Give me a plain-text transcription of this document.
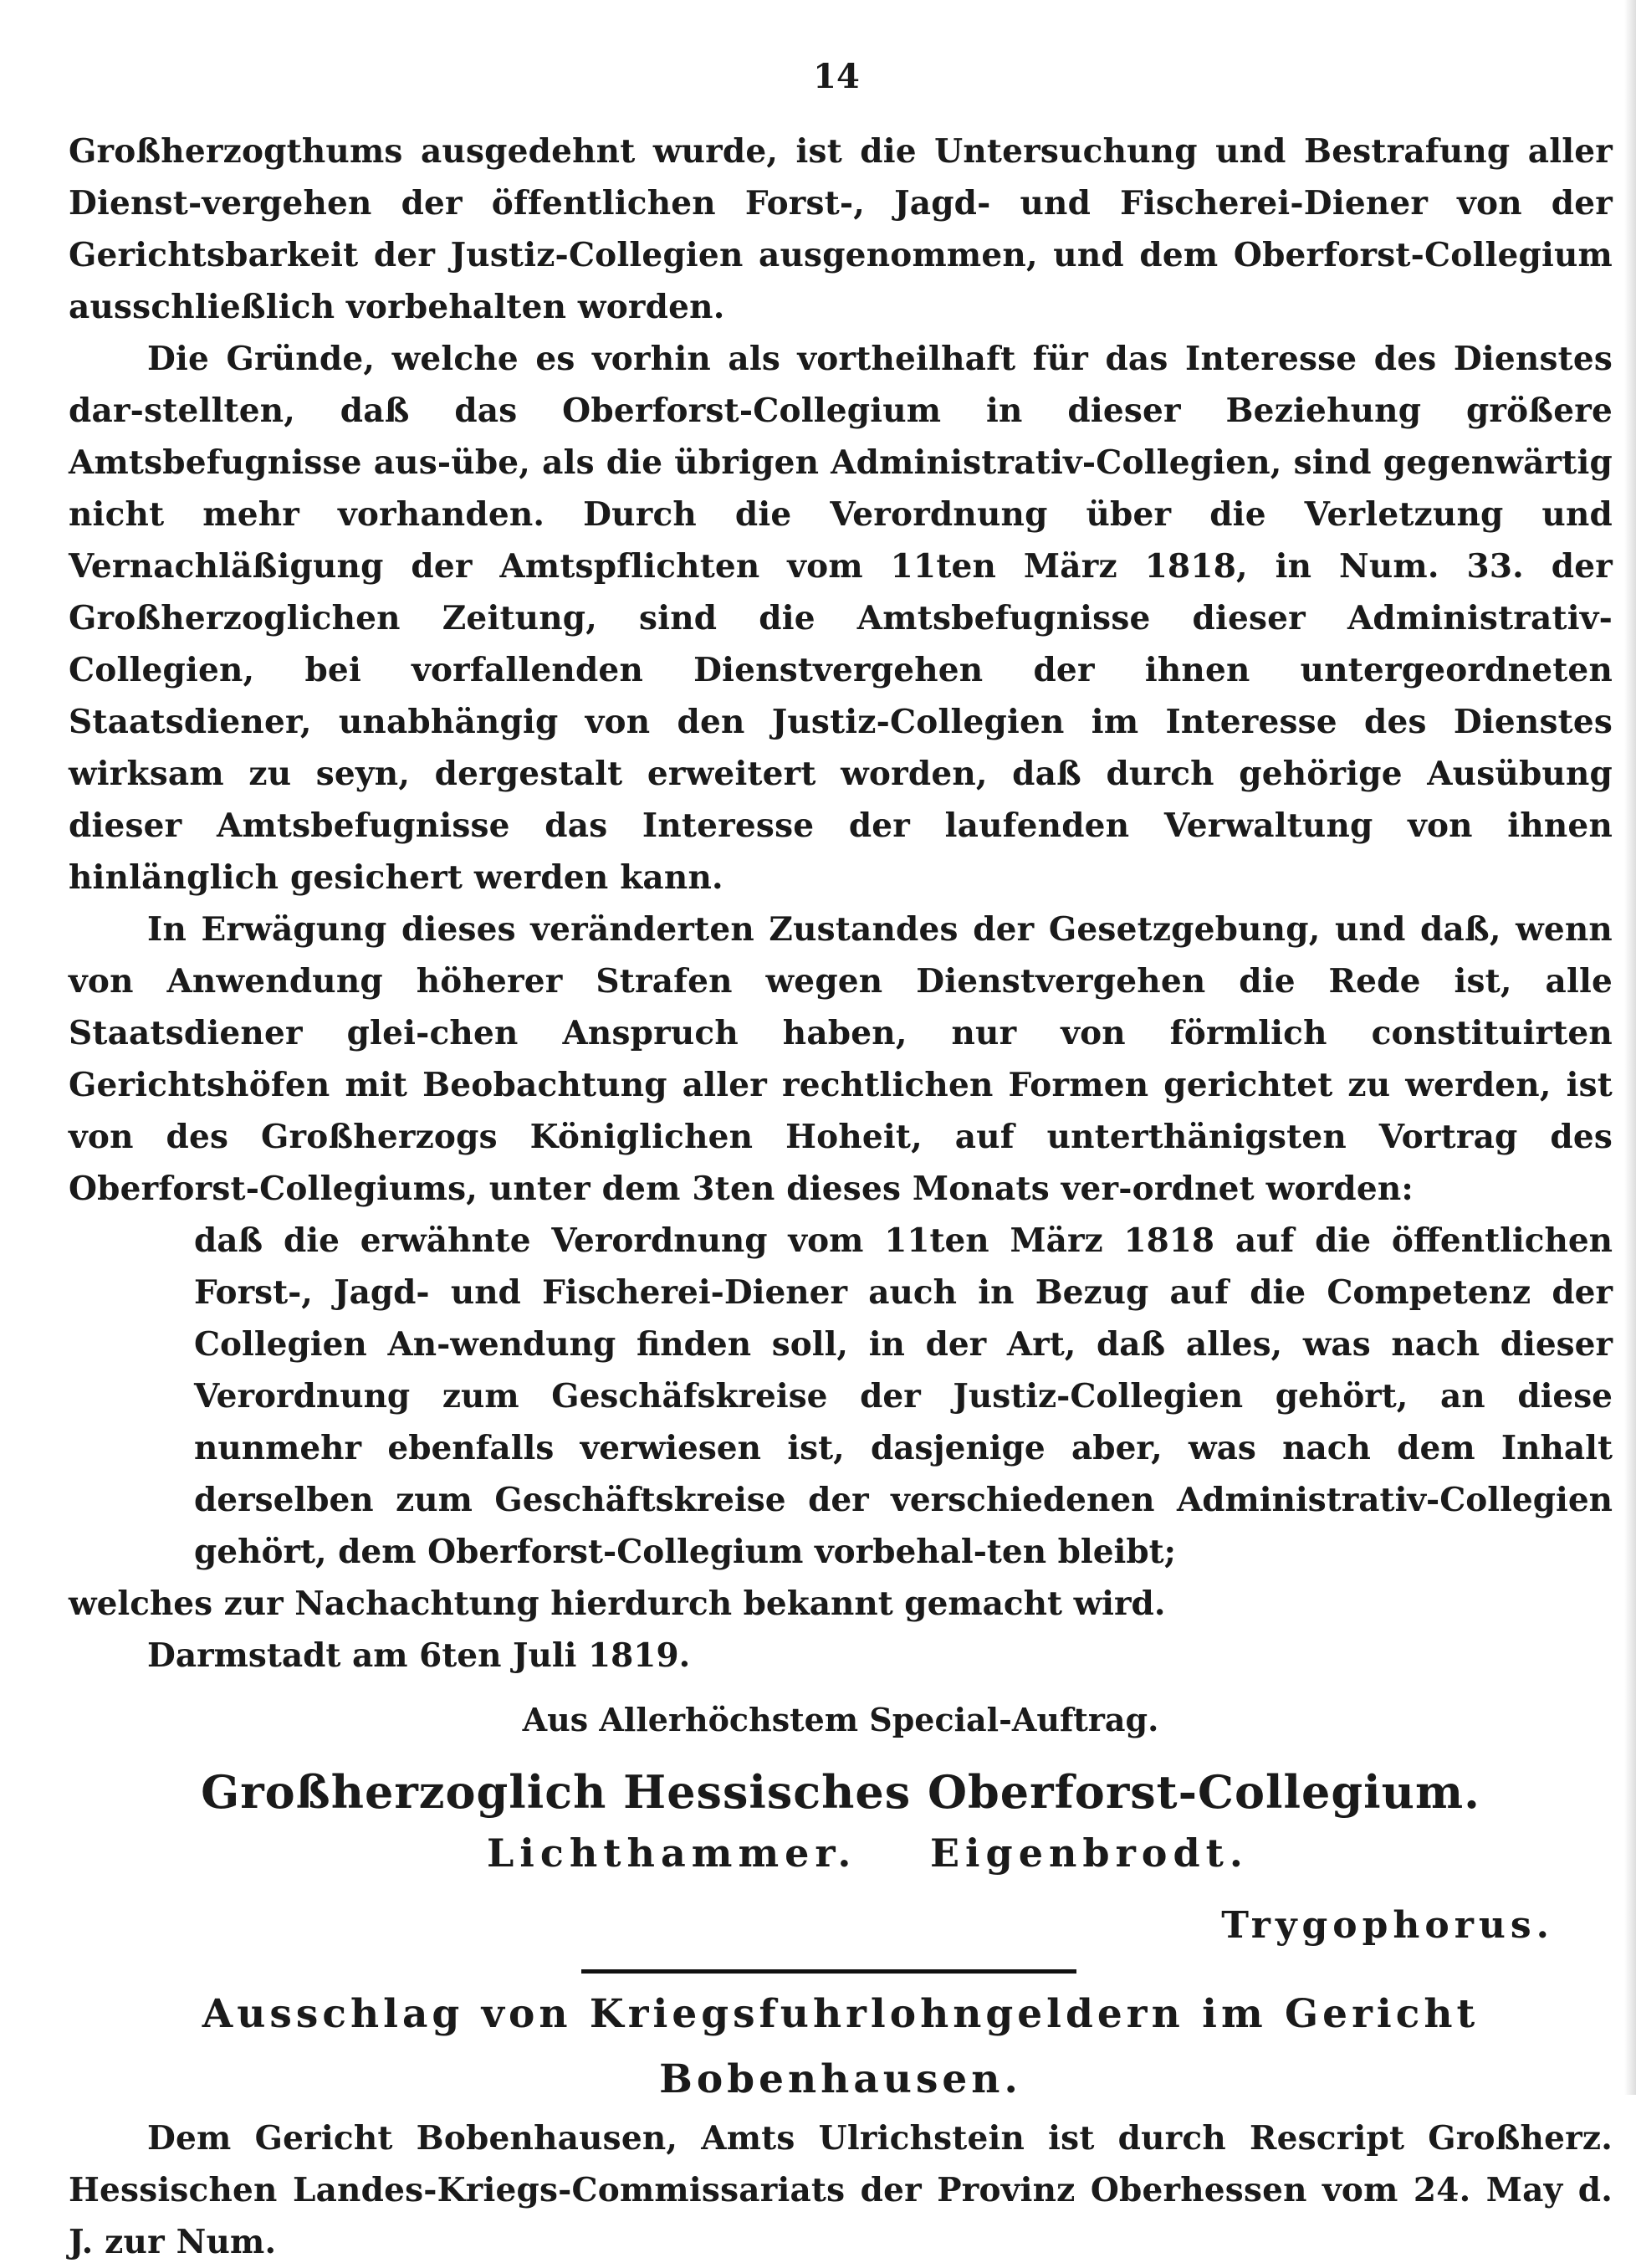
14

Großherzogthums ausgedehnt wurde, ist die Untersuchung und Bestrafung aller Dienst-vergehen der öffentlichen Forst-, Jagd- und Fischerei-Diener von der Gerichtsbarkeit der Justiz-Collegien ausgenommen, und dem Oberforst-Collegium ausschließlich vorbehalten worden.

Die Gründe, welche es vorhin als vortheilhaft für das Interesse des Dienstes dar-stellten, daß das Oberforst-Collegium in dieser Beziehung größere Amtsbefugnisse aus-übe, als die übrigen Administrativ-Collegien, sind gegenwärtig nicht mehr vorhanden. Durch die Verordnung über die Verletzung und Vernachläßigung der Amtspflichten vom 11ten März 1818, in Num. 33. der Großherzoglichen Zeitung, sind die Amtsbefugnisse dieser Administrativ-Collegien, bei vorfallenden Dienstvergehen der ihnen untergeordneten Staatsdiener, unabhängig von den Justiz-Collegien im Interesse des Dienstes wirksam zu seyn, dergestalt erweitert worden, daß durch gehörige Ausübung dieser Amtsbefugnisse das Interesse der laufenden Verwaltung von ihnen hinlänglich gesichert werden kann.

In Erwägung dieses veränderten Zustandes der Gesetzgebung, und daß, wenn von Anwendung höherer Strafen wegen Dienstvergehen die Rede ist, alle Staatsdiener glei-chen Anspruch haben, nur von förmlich constituirten Gerichtshöfen mit Beobachtung aller rechtlichen Formen gerichtet zu werden, ist von des Großherzogs Königlichen Hoheit, auf unterthänigsten Vortrag des Oberforst-Collegiums, unter dem 3ten dieses Monats ver-ordnet worden:

daß die erwähnte Verordnung vom 11ten März 1818 auf die öffentlichen Forst-, Jagd- und Fischerei-Diener auch in Bezug auf die Competenz der Collegien An-wendung finden soll, in der Art, daß alles, was nach dieser Verordnung zum Geschäfskreise der Justiz-Collegien gehört, an diese nunmehr ebenfalls verwiesen ist, dasjenige aber, was nach dem Inhalt derselben zum Geschäftskreise der verschiedenen Administrativ-Collegien gehört, dem Oberforst-Collegium vorbehal-ten bleibt;

welches zur Nachachtung hierdurch bekannt gemacht wird.

Darmstadt am 6ten Juli 1819.

Aus Allerhöchstem Special-Auftrag.
Großherzoglich Hessisches Oberforst-Collegium.
Lichthammer. Eigenbrodt.
Trygophorus.
Ausschlag von Kriegsfuhrlohngeldern im Gericht Bobenhausen.

Dem Gericht Bobenhausen, Amts Ulrichstein ist durch Rescript Großherz. Hessischen Landes-Kriegs-Commissariats der Provinz Oberhessen vom 24. May d. J. zur Num.
